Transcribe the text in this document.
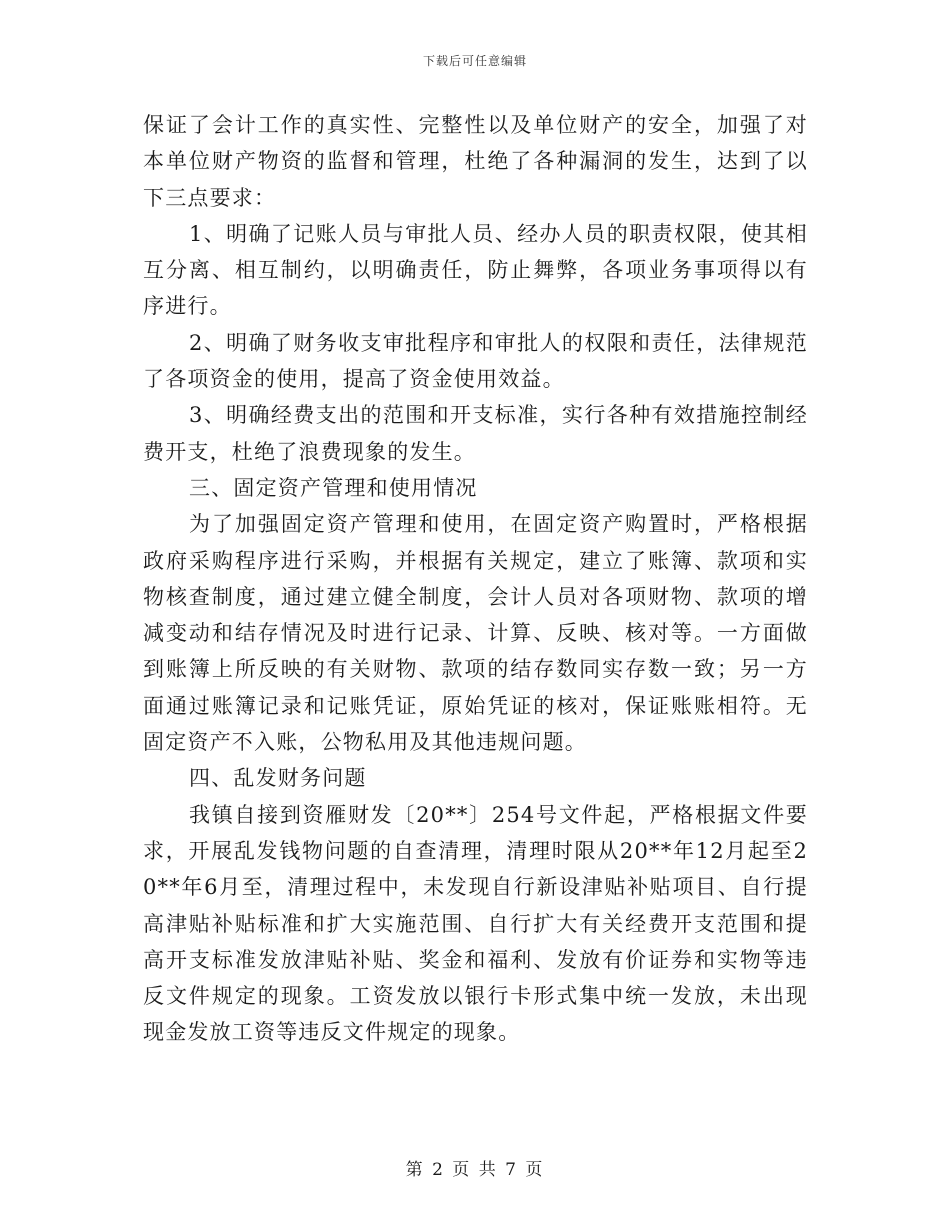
下载后可任意编辑

保证了会计工作的真实性、完整性以及单位财产的安全，加强了对本单位财产物资的监督和管理，杜绝了各种漏洞的发生，达到了以下三点要求：

1、明确了记账人员与审批人员、经办人员的职责权限，使其相互分离、相互制约，以明确责任，防止舞弊，各项业务事项得以有序进行。

2、明确了财务收支审批程序和审批人的权限和责任，法律规范了各项资金的使用，提高了资金使用效益。

3、明确经费支出的范围和开支标准，实行各种有效措施控制经费开支，杜绝了浪费现象的发生。

三、固定资产管理和使用情况

为了加强固定资产管理和使用，在固定资产购置时，严格根据政府采购程序进行采购，并根据有关规定，建立了账簿、款项和实物核查制度，通过建立健全制度，会计人员对各项财物、款项的增减变动和结存情况及时进行记录、计算、反映、核对等。一方面做到账簿上所反映的有关财物、款项的结存数同实存数一致；另一方面通过账簿记录和记账凭证，原始凭证的核对，保证账账相符。无固定资产不入账，公物私用及其他违规问题。

四、乱发财务问题

我镇自接到资雁财发〔20**〕254号文件起，严格根据文件要求，开展乱发钱物问题的自查清理，清理时限从20**年12月起至20**年6月至，清理过程中，未发现自行新设津贴补贴项目、自行提高津贴补贴标准和扩大实施范围、自行扩大有关经费开支范围和提高开支标准发放津贴补贴、奖金和福利、发放有价证券和实物等违反文件规定的现象。工资发放以银行卡形式集中统一发放，未出现现金发放工资等违反文件规定的现象。

第 2 页 共 7 页
